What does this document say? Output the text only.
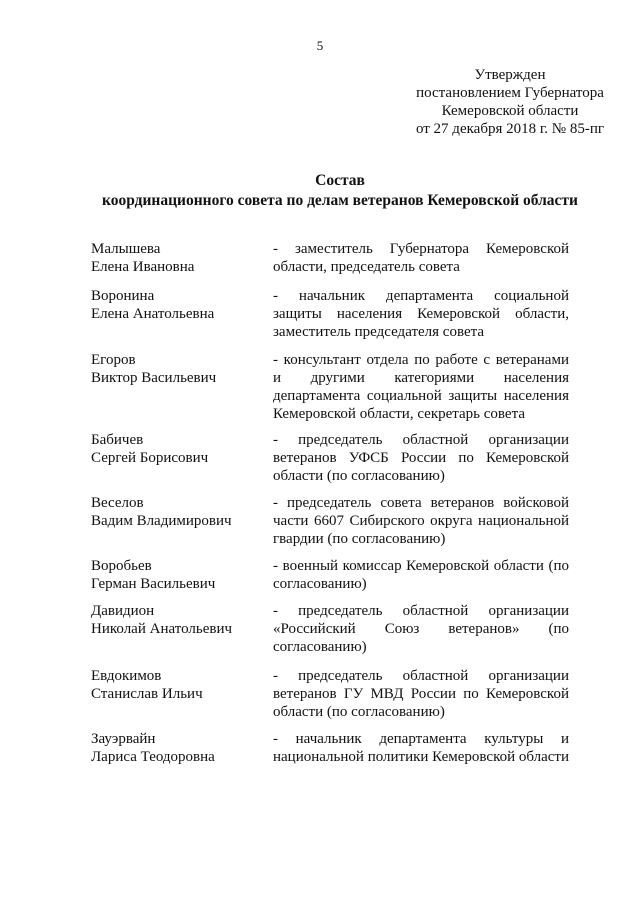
5
Утвержден
постановлением Губернатора
Кемеровской области
от 27 декабря 2018 г. № 85-пг
Состав
координационного совета по делам ветеранов Кемеровской области
Малышева
Елена Ивановна
- заместитель Губернатора Кемеровской области, председатель совета
Воронина
Елена Анатольевна
- начальник департамента социальной защиты населения Кемеровской области, заместитель председателя совета
Егоров
Виктор Васильевич
- консультант отдела по работе с ветеранами и другими категориями населения департамента социальной защиты населения Кемеровской области, секретарь совета
Бабичев
Сергей Борисович
- председатель областной организации ветеранов УФСБ России по Кемеровской области (по согласованию)
Веселов
Вадим Владимирович
- председатель совета ветеранов войсковой части 6607 Сибирского округа национальной гвардии (по согласованию)
Воробьев
Герман Васильевич
- военный комиссар Кемеровской области (по согласованию)
Давидион
Николай Анатольевич
- председатель областной организации «Российский Союз ветеранов» (по согласованию)
Евдокимов
Станислав Ильич
- председатель областной организации ветеранов ГУ МВД России по Кемеровской области (по согласованию)
Зауэрвайн
Лариса Теодоровна
- начальник департамента культуры и национальной политики Кемеровской области
